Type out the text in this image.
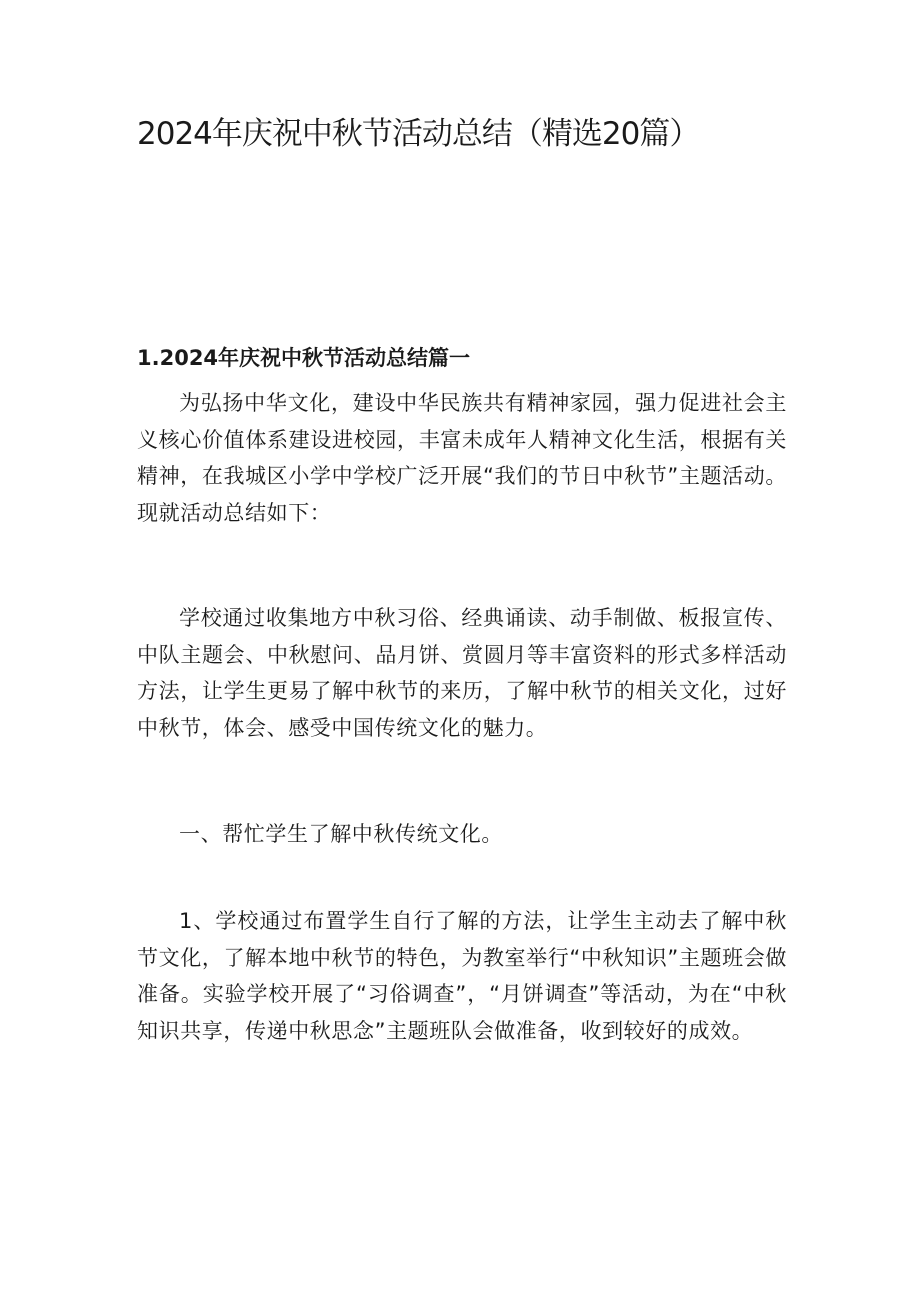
2024年庆祝中秋节活动总结（精选20篇）
1.2024年庆祝中秋节活动总结篇一

为弘扬中华文化，建设中华民族共有精神家园，强力促进社会主义核心价值体系建设进校园，丰富未成年人精神文化生活，根据有关精神，在我城区小学中学校广泛开展“我们的节日中秋节”主题活动。现就活动总结如下：

学校通过收集地方中秋习俗、经典诵读、动手制做、板报宣传、中队主题会、中秋慰问、品月饼、赏圆月等丰富资料的形式多样活动方法，让学生更易了解中秋节的来历，了解中秋节的相关文化，过好中秋节，体会、感受中国传统文化的魅力。

一、帮忙学生了解中秋传统文化。

1、学校通过布置学生自行了解的方法，让学生主动去了解中秋节文化，了解本地中秋节的特色，为教室举行“中秋知识”主题班会做准备。实验学校开展了“习俗调查”，“月饼调查”等活动，为在“中秋知识共享，传递中秋思念”主题班队会做准备，收到较好的成效。
